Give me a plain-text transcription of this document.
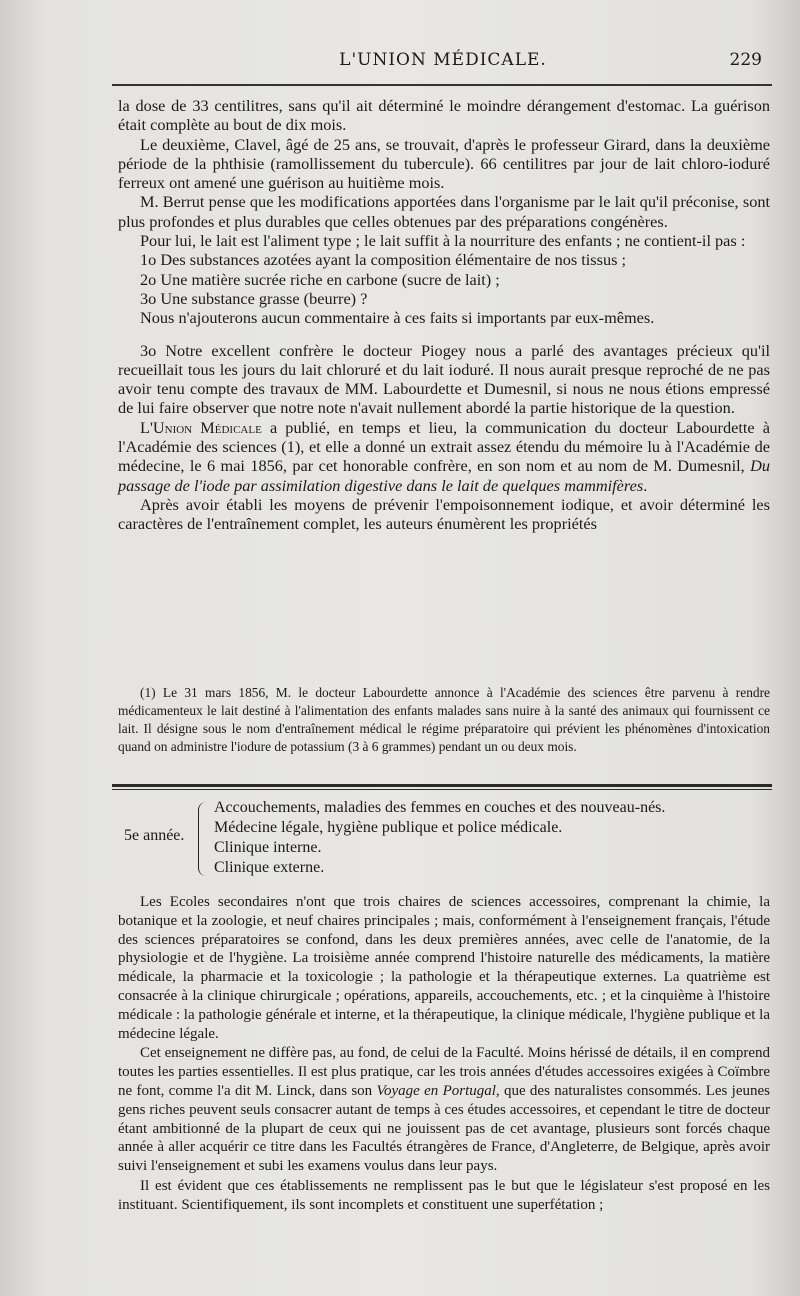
L'UNION MÉDICALE.	229

la dose de 33 centilitres, sans qu'il ait déterminé le moindre dérangement d'estomac. La guérison était complète au bout de dix mois.

Le deuxième, Clavel, âgé de 25 ans, se trouvait, d'après le professeur Girard, dans la deuxième période de la phthisie (ramollissement du tubercule). 66 centilitres par jour de lait chloro-ioduré ferreux ont amené une guérison au huitième mois.

M. Berrut pense que les modifications apportées dans l'organisme par le lait qu'il préconise, sont plus profondes et plus durables que celles obtenues par des préparations congénères.

Pour lui, le lait est l'aliment type ; le lait suffit à la nourriture des enfants ; ne contient-il pas :

1o Des substances azotées ayant la composition élémentaire de nos tissus ;

2o Une matière sucrée riche en carbone (sucre de lait) ;

3o Une substance grasse (beurre) ?

Nous n'ajouterons aucun commentaire à ces faits si importants par eux-mêmes.

3o Notre excellent confrère le docteur Piogey nous a parlé des avantages précieux qu'il recueillait tous les jours du lait chloruré et du lait ioduré. Il nous aurait presque reproché de ne pas avoir tenu compte des travaux de MM. Labourdette et Dumesnil, si nous ne nous étions empressé de lui faire observer que notre note n'avait nullement abordé la partie historique de la question.

L'Union Médicale a publié, en temps et lieu, la communication du docteur Labourdette à l'Académie des sciences (1), et elle a donné un extrait assez étendu du mémoire lu à l'Académie de médecine, le 6 mai 1856, par cet honorable confrère, en son nom et au nom de M. Dumesnil, Du passage de l'iode par assimilation digestive dans le lait de quelques mammifères.

Après avoir établi les moyens de prévenir l'empoisonnement iodique, et avoir déterminé les caractères de l'entraînement complet, les auteurs énumèrent les propriétés

(1) Le 31 mars 1856, M. le docteur Labourdette annonce à l'Académie des sciences être parvenu à rendre médicamenteux le lait destiné à l'alimentation des enfants malades sans nuire à la santé des animaux qui fournissent ce lait. Il désigne sous le nom d'entraînement médical le régime préparatoire qui prévient les phénomènes d'intoxication quand on administre l'iodure de potassium (3 à 6 grammes) pendant un ou deux mois.

5e année.
Accouchements, maladies des femmes en couches et des nouveau-nés.
Médecine légale, hygiène publique et police médicale.
Clinique interne.
Clinique externe.

Les Ecoles secondaires n'ont que trois chaires de sciences accessoires, comprenant la chimie, la botanique et la zoologie, et neuf chaires principales ; mais, conformément à l'enseignement français, l'étude des sciences préparatoires se confond, dans les deux premières années, avec celle de l'anatomie, de la physiologie et de l'hygiène. La troisième année comprend l'histoire naturelle des médicaments, la matière médicale, la pharmacie et la toxicologie ; la pathologie et la thérapeutique externes. La quatrième est consacrée à la clinique chirurgicale ; opérations, appareils, accouchements, etc. ; et la cinquième à l'histoire médicale : la pathologie générale et interne, et la thérapeutique, la clinique médicale, l'hygiène publique et la médecine légale.

Cet enseignement ne diffère pas, au fond, de celui de la Faculté. Moins hérissé de détails, il en comprend toutes les parties essentielles. Il est plus pratique, car les trois années d'études accessoires exigées à Coïmbre ne font, comme l'a dit M. Linck, dans son Voyage en Portugal, que des naturalistes consommés. Les jeunes gens riches peuvent seuls consacrer autant de temps à ces études accessoires, et cependant le titre de docteur étant ambitionné de la plupart de ceux qui ne jouissent pas de cet avantage, plusieurs sont forcés chaque année à aller acquérir ce titre dans les Facultés étrangères de France, d'Angleterre, de Belgique, après avoir suivi l'enseignement et subi les examens voulus dans leur pays.

Il est évident que ces établissements ne remplissent pas le but que le législateur s'est proposé en les instituant. Scientifiquement, ils sont incomplets et constituent une superfétation ;
